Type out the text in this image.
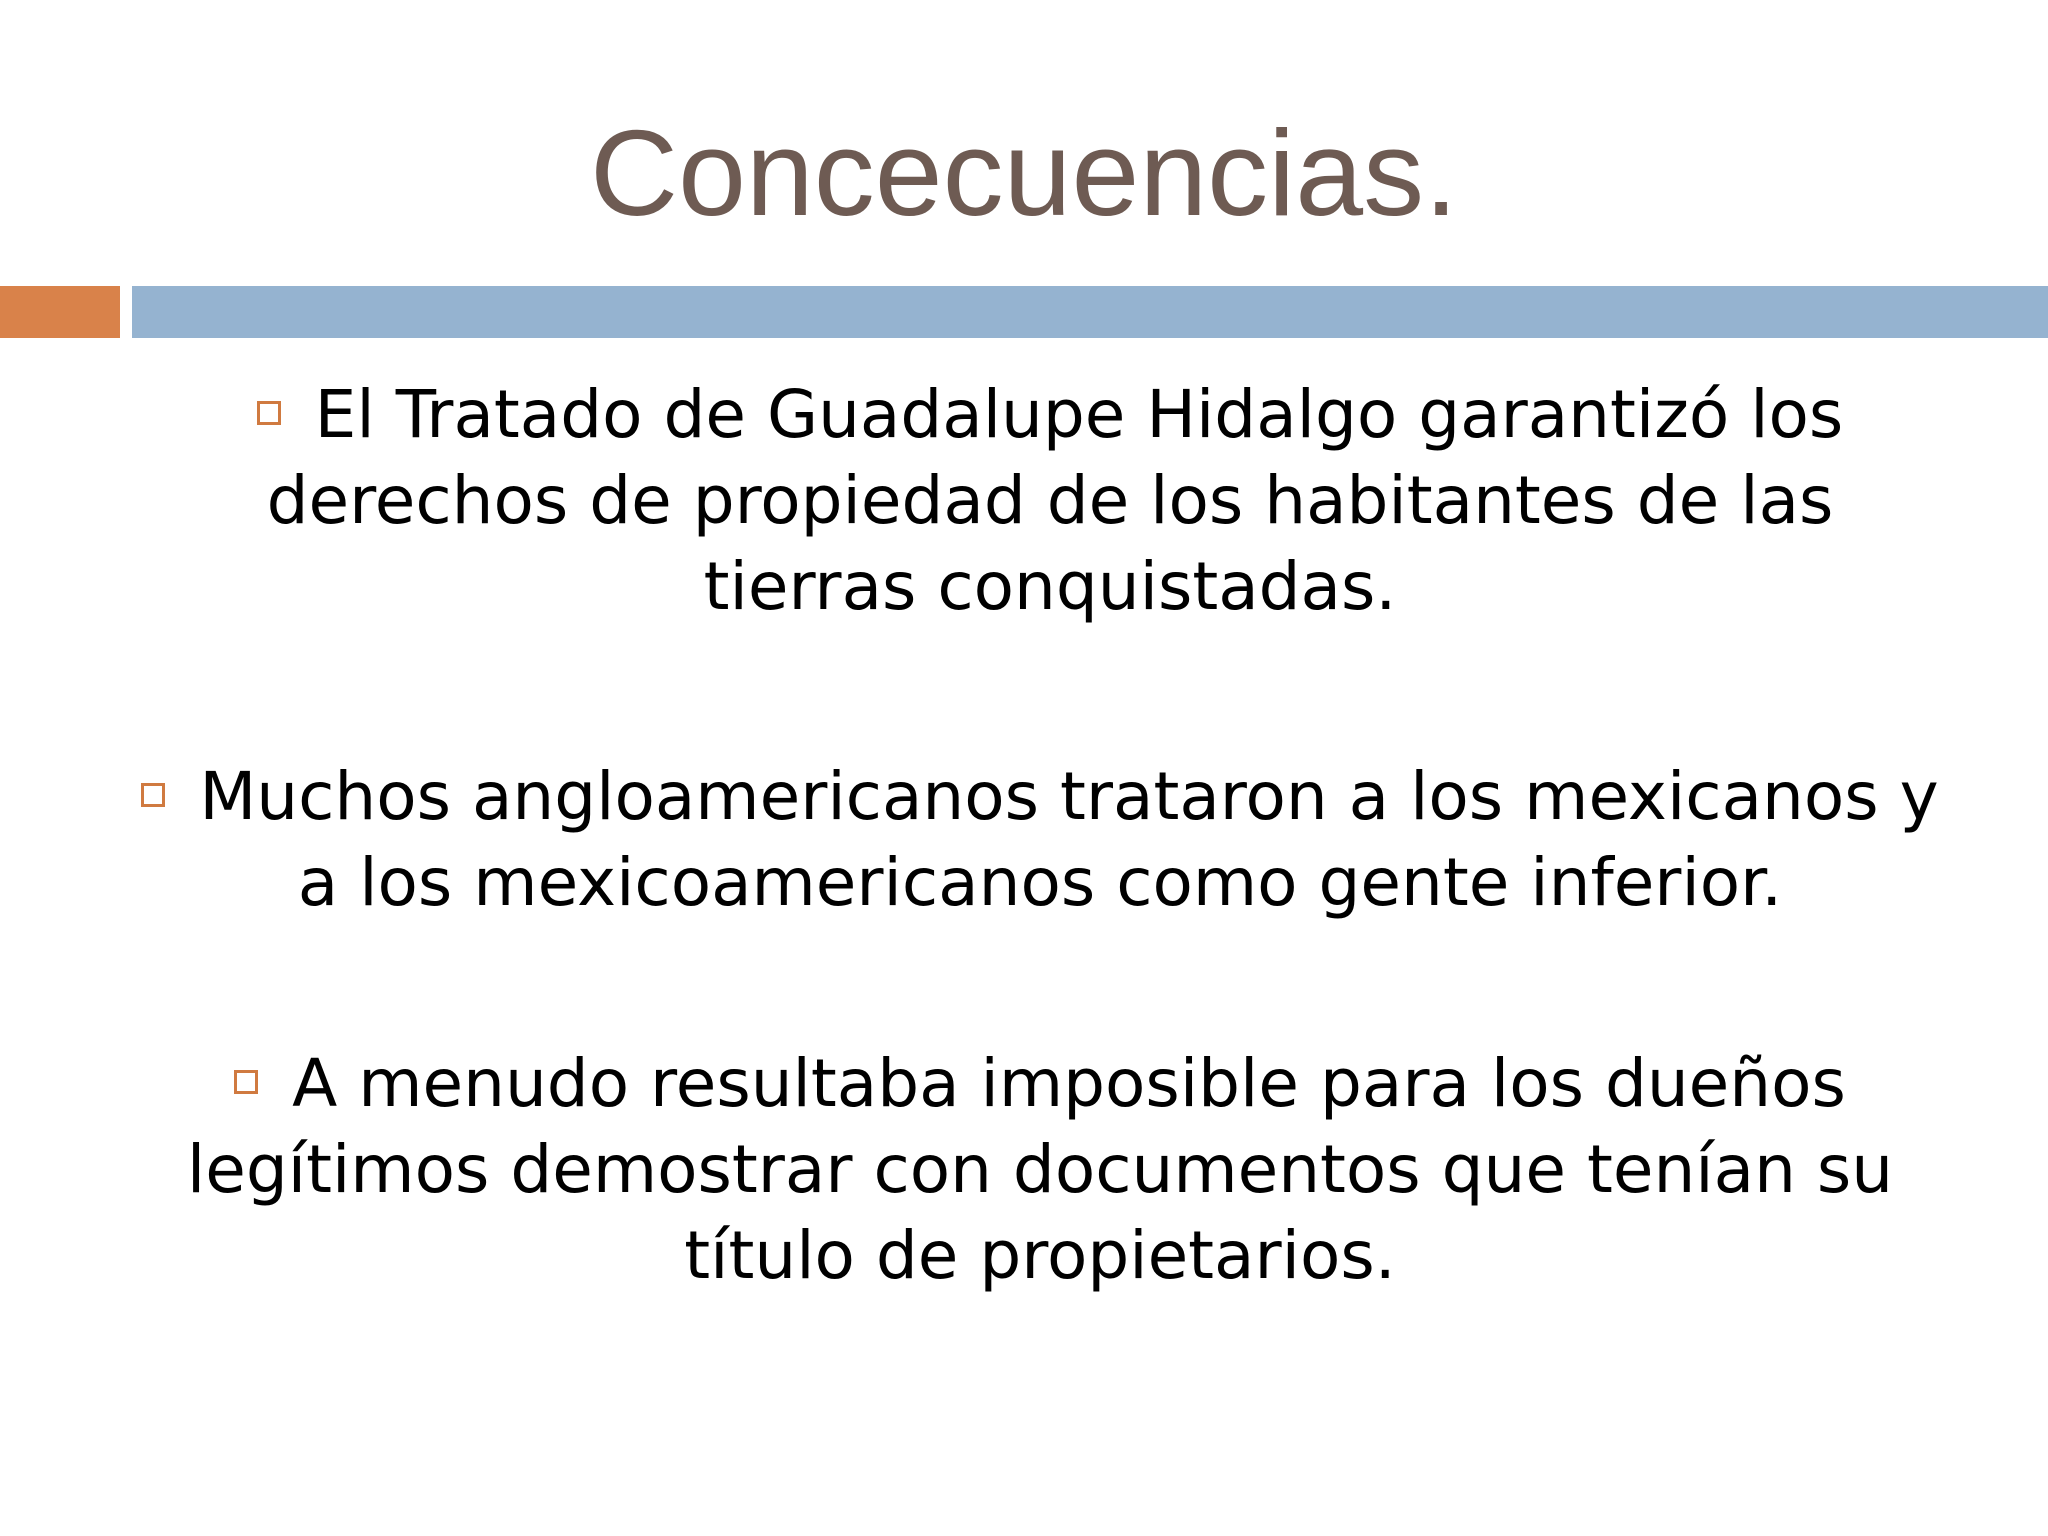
Concecuencias.
El Tratado de Guadalupe Hidalgo garantizó los derechos de propiedad de los habitantes de las tierras conquistadas.
Muchos angloamericanos trataron a los mexicanos y a los mexicoamericanos como gente inferior.
A menudo resultaba imposible para los dueños legítimos demostrar con documentos que tenían su título de propietarios.
